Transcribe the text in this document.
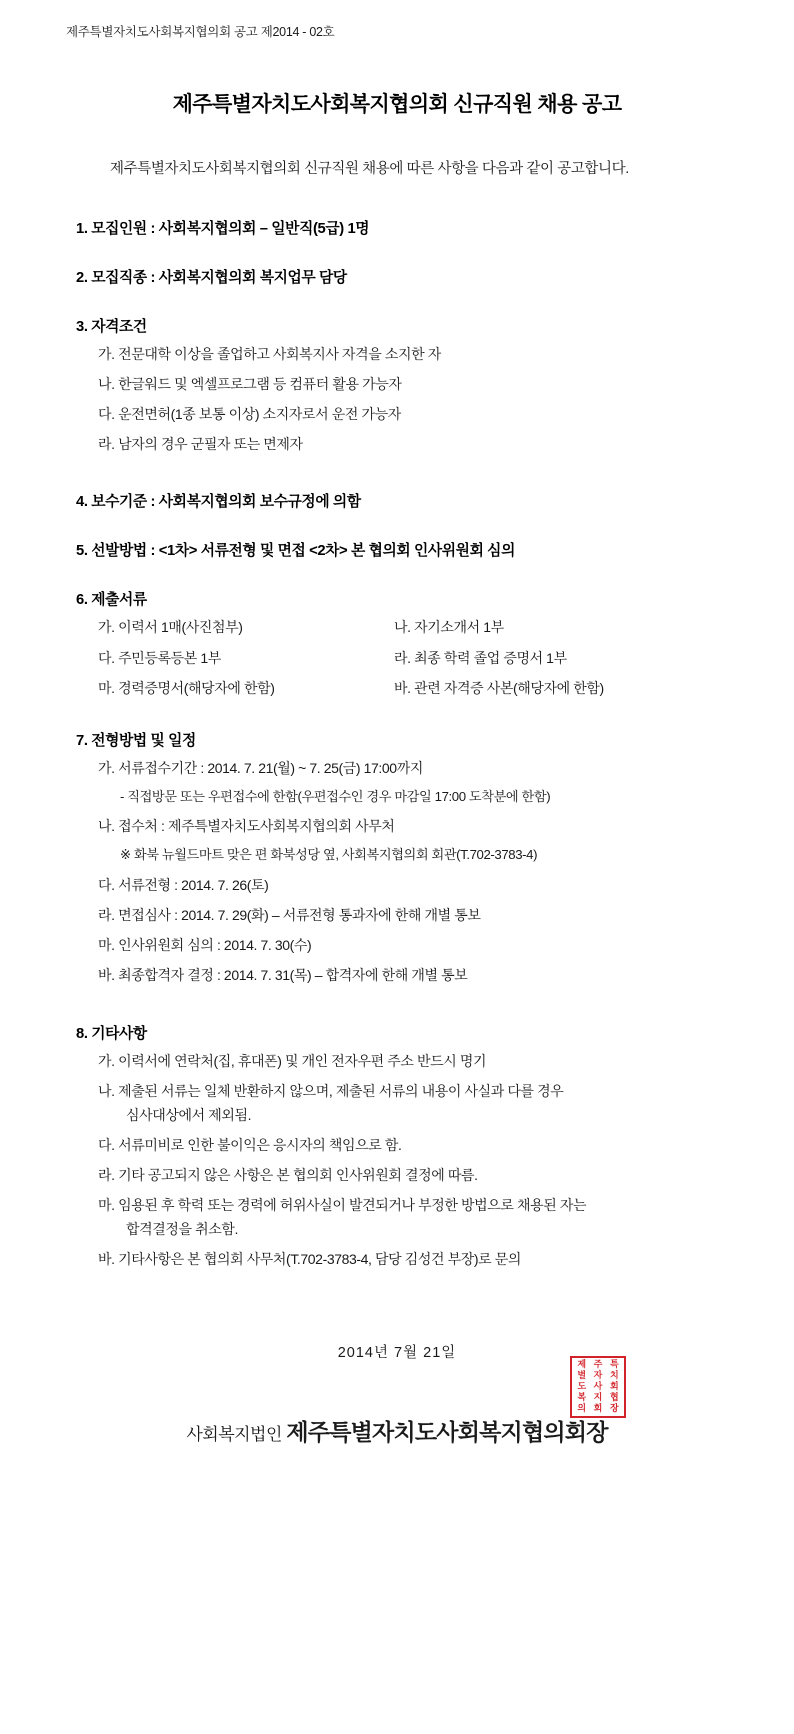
제주특별자치도사회복지협의회 공고 제2014 - 02호
제주특별자치도사회복지협의회 신규직원 채용 공고

제주특별자치도사회복지협의회 신규직원 채용에 따른 사항을 다음과 같이 공고합니다.

1. 모집인원 : 사회복지협의회 – 일반직(5급) 1명
2. 모집직종 : 사회복지협의회 복지업무 담당
3. 자격조건
가. 전문대학 이상을 졸업하고 사회복지사 자격을 소지한 자
나. 한글워드 및 엑셀프로그램 등 컴퓨터 활용 가능자
다. 운전면허(1종 보통 이상) 소지자로서 운전 가능자
라. 남자의 경우 군필자 또는 면제자
4. 보수기준 : 사회복지협의회 보수규정에 의함
5. 선발방법 : <1차> 서류전형 및 면접 <2차> 본 협의회 인사위원회 심의
6. 제출서류
가. 이력서 1매(사진첨부)	나. 자기소개서 1부
다. 주민등록등본 1부	라. 최종 학력 졸업 증명서 1부
마. 경력증명서(해당자에 한함)	바. 관련 자격증 사본(해당자에 한함)
7. 전형방법 및 일정
가. 서류접수기간 : 2014. 7. 21(월) ~ 7. 25(금) 17:00까지
- 직접방문 또는 우편접수에 한함(우편접수인 경우 마감일 17:00 도착분에 한함)
나. 접수처 : 제주특별자치도사회복지협의회 사무처
※ 화북 뉴월드마트 맞은 편 화북성당 옆, 사회복지협의회 회관(T.702-3783-4)
다. 서류전형 : 2014. 7. 26(토)
라. 면접심사 : 2014. 7. 29(화) – 서류전형 통과자에 한해 개별 통보
마. 인사위원회 심의 : 2014. 7. 30(수)
바. 최종합격자 결정 : 2014. 7. 31(목) – 합격자에 한해 개별 통보
8. 기타사항
가. 이력서에 연락처(집, 휴대폰) 및 개인 전자우편 주소 반드시 명기
나. 제출된 서류는 일체 반환하지 않으며, 제출된 서류의 내용이 사실과 다를 경우
심사대상에서 제외됨.
다. 서류미비로 인한 불이익은 응시자의 책임으로 함.
라. 기타 공고되지 않은 사항은 본 협의회 인사위원회 결정에 따름.
마. 임용된 후 학력 또는 경력에 허위사실이 발견되거나 부정한 방법으로 채용된 자는
합격결정을 취소함.
바. 기타사항은 본 협의회 사무처(T.702-3783-4, 담당 김성건 부장)로 문의
2014년 7월 21일
사회복지법인 제주특별자치도사회복지협의회장
제 주 특
별 자 치
도 사 회
복 지 협
의 회 장
